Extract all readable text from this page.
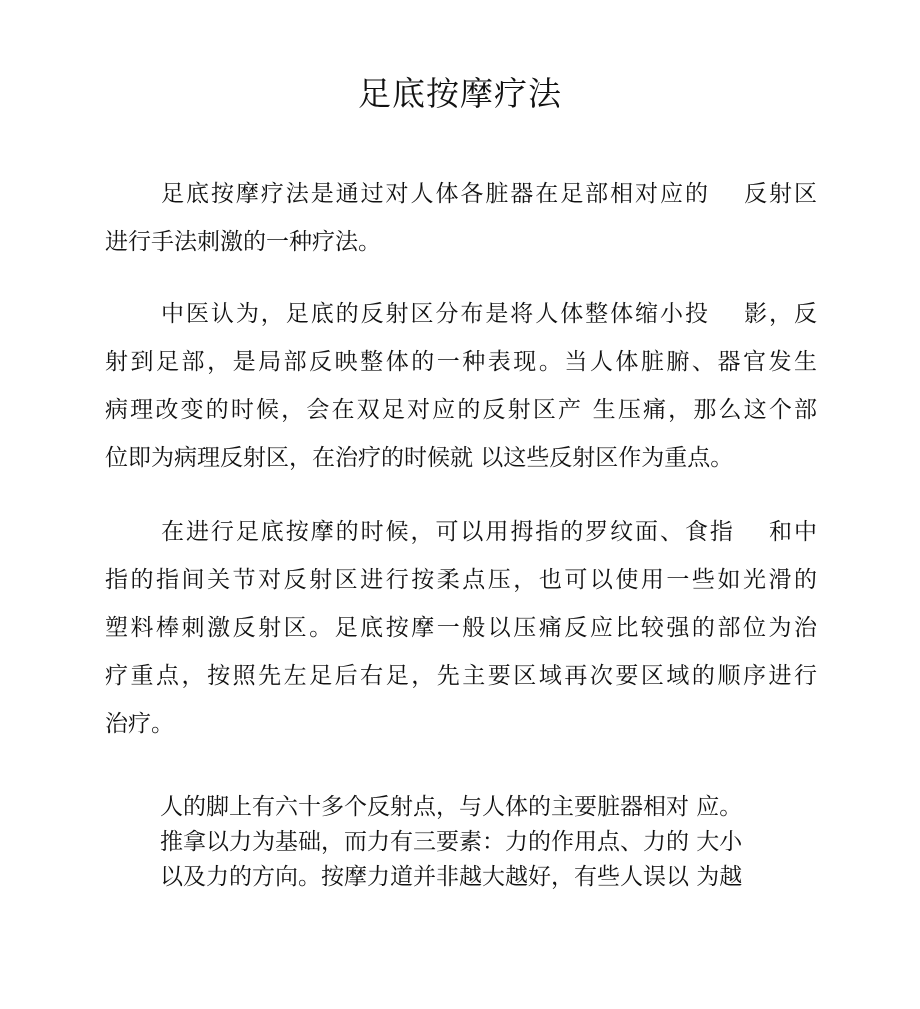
足底按摩疗法

足底按摩疗法是通过对人体各脏器在足部相对应的　 反射区
进行手法刺激的一种疗法。

中医认为，足底的反射区分布是将人体整体缩小投　 影，反
射到足部，是局部反映整体的一种表现。当人体脏腑、器官发生
病理改变的时候，会在双足对应的反射区产 生压痛，那么这个部
位即为病理反射区，在治疗的时候就 以这些反射区作为重点。

在进行足底按摩的时候，可以用拇指的罗纹面、食指　 和中
指的指间关节对反射区进行按柔点压，也可以使用一些如光滑的
塑料棒刺激反射区。足底按摩一般以压痛反应比较强的部位为治
疗重点，按照先左足后右足，先主要区域再次要区域的顺序进行
治疗。

人的脚上有六十多个反射点，与人体的主要脏器相对 应。
推拿以力为基础，而力有三要素：力的作用点、力的 大小
以及力的方向。按摩力道并非越大越好，有些人误以 为越
